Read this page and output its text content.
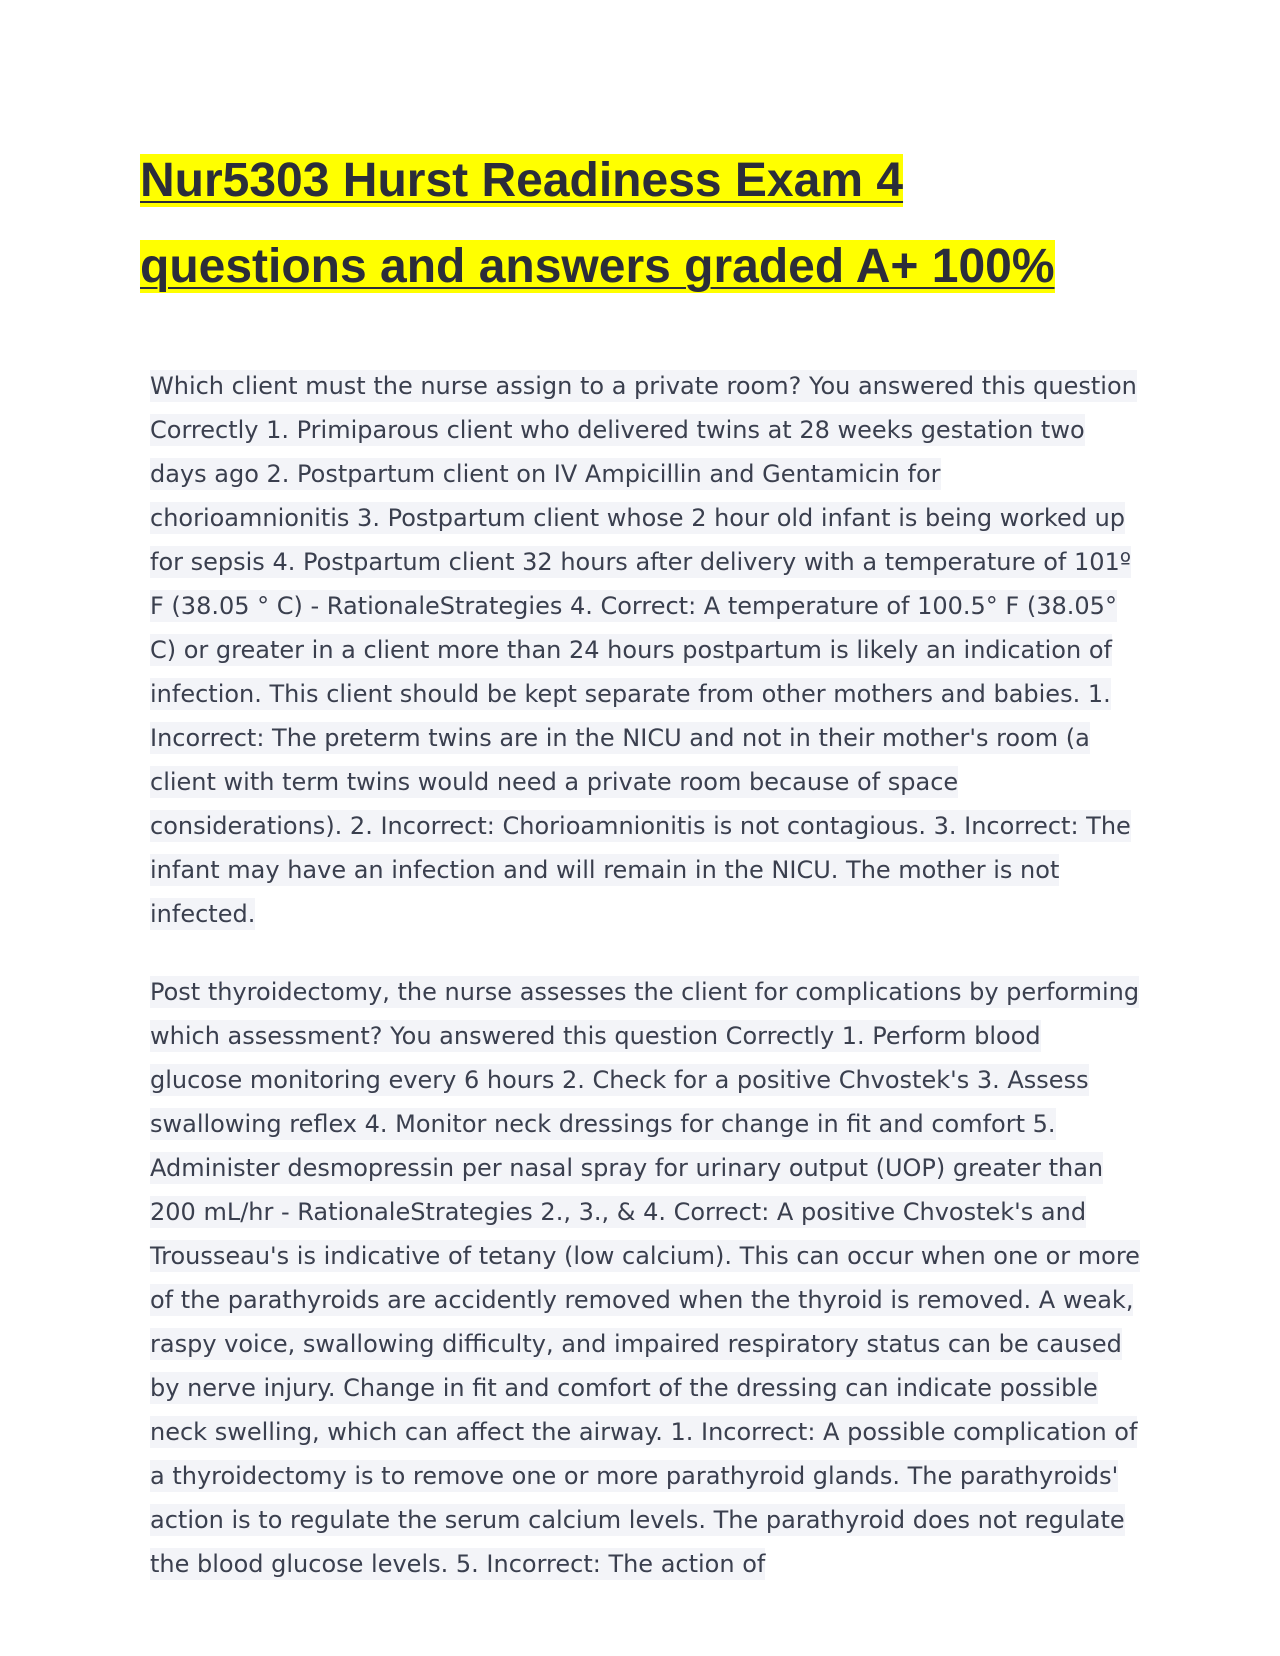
Nur5303 Hurst Readiness Exam 4
questions and answers graded A+ 100%

Which client must the nurse assign to a private room? You answered this question Correctly 1. Primiparous client who delivered twins at 28 weeks gestation two days ago 2. Postpartum client on IV Ampicillin and Gentamicin for chorioamnionitis 3. Postpartum client whose 2 hour old infant is being worked up for sepsis 4. Postpartum client 32 hours after delivery with a temperature of 101º F (38.05 ° C) - RationaleStrategies 4. Correct: A temperature of 100.5° F (38.05° C) or greater in a client more than 24 hours postpartum is likely an indication of infection. This client should be kept separate from other mothers and babies. 1. Incorrect: The preterm twins are in the NICU and not in their mother's room (a client with term twins would need a private room because of space considerations). 2. Incorrect: Chorioamnionitis is not contagious. 3. Incorrect: The infant may have an infection and will remain in the NICU. The mother is not infected.

Post thyroidectomy, the nurse assesses the client for complications by performing which assessment? You answered this question Correctly 1. Perform blood glucose monitoring every 6 hours 2. Check for a positive Chvostek's 3. Assess swallowing reflex 4. Monitor neck dressings for change in fit and comfort 5. Administer desmopressin per nasal spray for urinary output (UOP) greater than 200 mL/hr - RationaleStrategies 2., 3., & 4. Correct: A positive Chvostek's and Trousseau's is indicative of tetany (low calcium). This can occur when one or more of the parathyroids are accidently removed when the thyroid is removed. A weak, raspy voice, swallowing difficulty, and impaired respiratory status can be caused by nerve injury. Change in fit and comfort of the dressing can indicate possible neck swelling, which can affect the airway. 1. Incorrect: A possible complication of a thyroidectomy is to remove one or more parathyroid glands. The parathyroids' action is to regulate the serum calcium levels. The parathyroid does not regulate the blood glucose levels. 5. Incorrect: The action of
